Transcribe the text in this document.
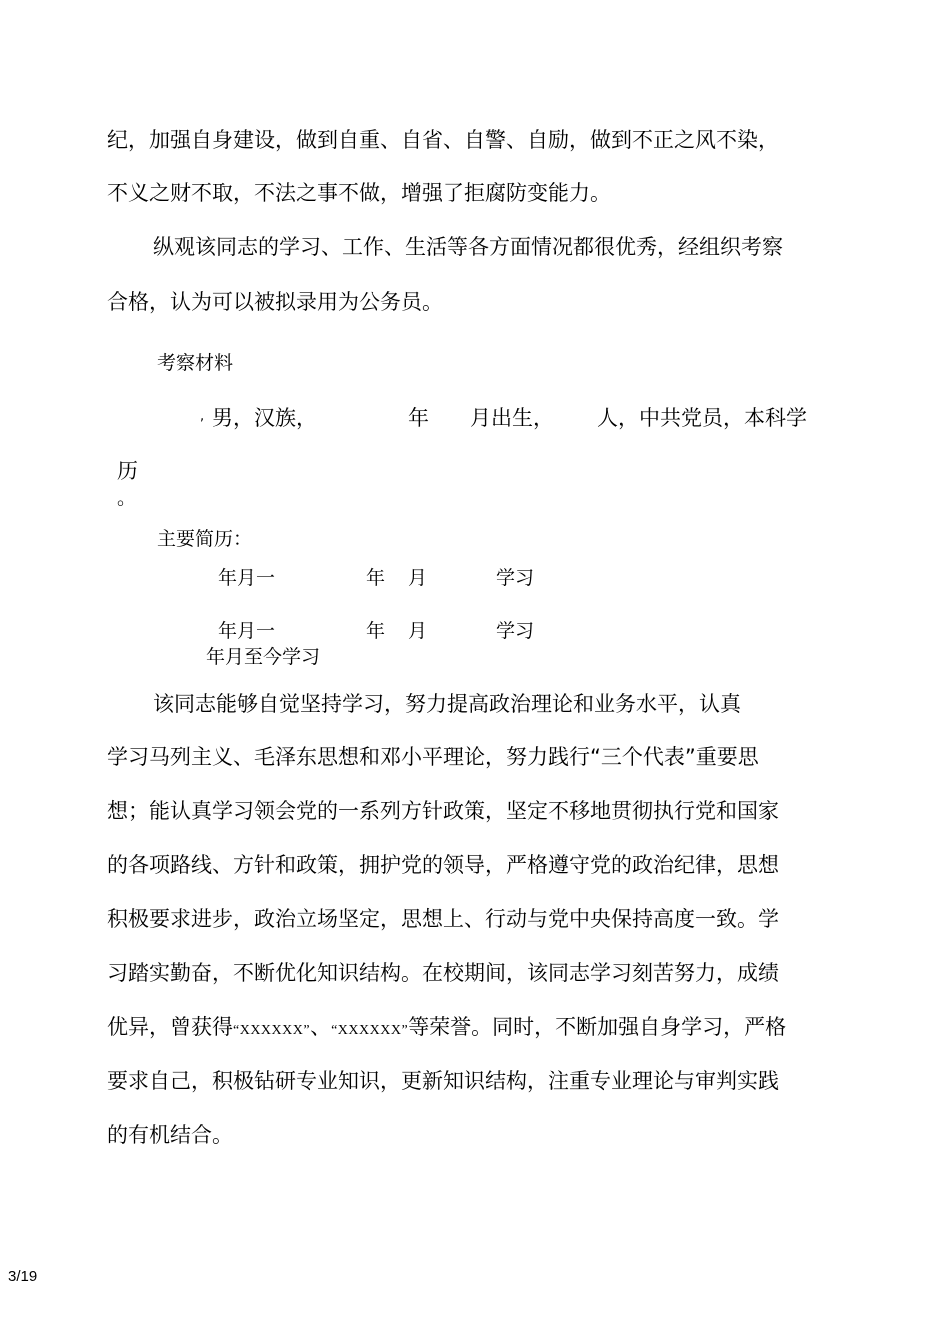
纪，加强自身建设，做到自重、自省、自警、自励，做到不正之风不染，

不义之财不取，不法之事不做，增强了拒腐防变能力。

纵观该同志的学习、工作、生活等各方面情况都很优秀，经组织考察

合格，认为可以被拟录用为公务员。

考察材料
, 男，汉族，	年 月出生， 人，中共党员，本科学
历
。
主要简历：
年月一	年 月	学习
年月一	年 月	学习
年月至今学习

该同志能够自觉坚持学习，努力提高政治理论和业务水平，认真

学习马列主义、毛泽东思想和邓小平理论，努力践行“三个代表”重要思

想；能认真学习领会党的一系列方针政策，坚定不移地贯彻执行党和国家

的各项路线、方针和政策，拥护党的领导，严格遵守党的政治纪律，思想

积极要求进步，政治立场坚定，思想上、行动与党中央保持高度一致。学

习踏实勤奋，不断优化知识结构。在校期间，该同志学习刻苦努力，成绩

优异，曾获得“XXXXXX”、“XXXXXX”等荣誉。同时，不断加强自身学习，严格

要求自己，积极钻研专业知识，更新知识结构，注重专业理论与审判实践

的有机结合。

3/19
